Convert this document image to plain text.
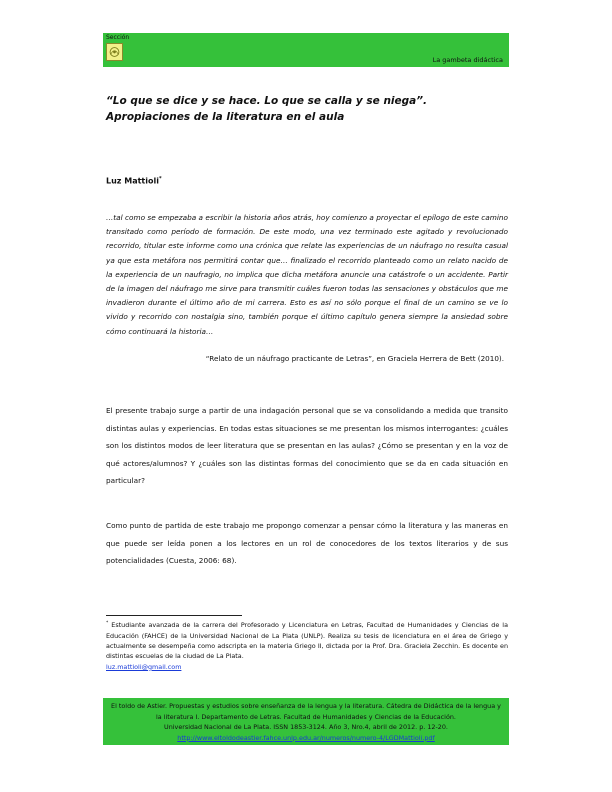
Sección
La gambeta didáctica
“Lo que se dice y se hace. Lo que se calla y se niega”. Apropiaciones de la literatura en el aula
Luz Mattioli*

…tal como se empezaba a escribir la historia años atrás, hoy comienzo a proyectar el epílogo de este camino transitado como período de formación. De este modo, una vez terminado este agitado y revolucionado recorrido, titular este informe como una crónica que relate las experiencias de un náufrago no resulta casual ya que esta metáfora nos permitirá contar que… finalizado el recorrido planteado como un relato nacido de la experiencia de un naufragio, no implica que dicha metáfora anuncie una catástrofe o un accidente. Partir de la imagen del náufrago me sirve para transmitir cuáles fueron todas las sensaciones y obstáculos que me invadieron durante el último año de mi carrera. Esto es así no sólo porque el final de un camino se ve lo vivido y recorrido con nostalgia sino, también porque el último capítulo genera siempre la ansiedad sobre cómo continuará la historia…

“Relato de un náufrago practicante de Letras”, en Graciela Herrera de Bett (2010).

El presente trabajo surge a partir de una indagación personal que se va consolidando a medida que transito distintas aulas y experiencias. En todas estas situaciones se me presentan los mismos interrogantes: ¿cuáles son los distintos modos de leer literatura que se presentan en las aulas? ¿Cómo se presentan y en la voz de qué actores/alumnos? Y ¿cuáles son las distintas formas del conocimiento que se da en cada situación en particular?

Como punto de partida de este trabajo me propongo comenzar a pensar cómo la literatura y las maneras en que puede ser leída ponen a los lectores en un rol de conocedores de los textos literarios y de sus potencialidades (Cuesta, 2006: 68).

* Estudiante avanzada de la carrera del Profesorado y Licenciatura en Letras, Facultad de Humanidades y Ciencias de la Educación (FAHCE) de la Universidad Nacional de La Plata (UNLP). Realiza su tesis de licenciatura en el área de Griego y actualmente se desempeña como adscripta en la materia Griego II, dictada por la Prof. Dra. Graciela Zecchin. Es docente en distintas escuelas de la ciudad de La Plata.
luz.mattioli@gmail.com

El toldo de Astier. Propuestas y estudios sobre enseñanza de la lengua y la literatura. Cátedra de Didáctica de la lengua y la literatura I. Departamento de Letras. Facultad de Humanidades y Ciencias de la Educación.
Universidad Nacional de La Plata. ISSN 1853-3124. Año 3, Nro.4, abril de 2012. p. 12-20.
http://www.eltoldodeastier.fahce.unlp.edu.ar/numeros/numero-4/LGDMattioli.pdf
